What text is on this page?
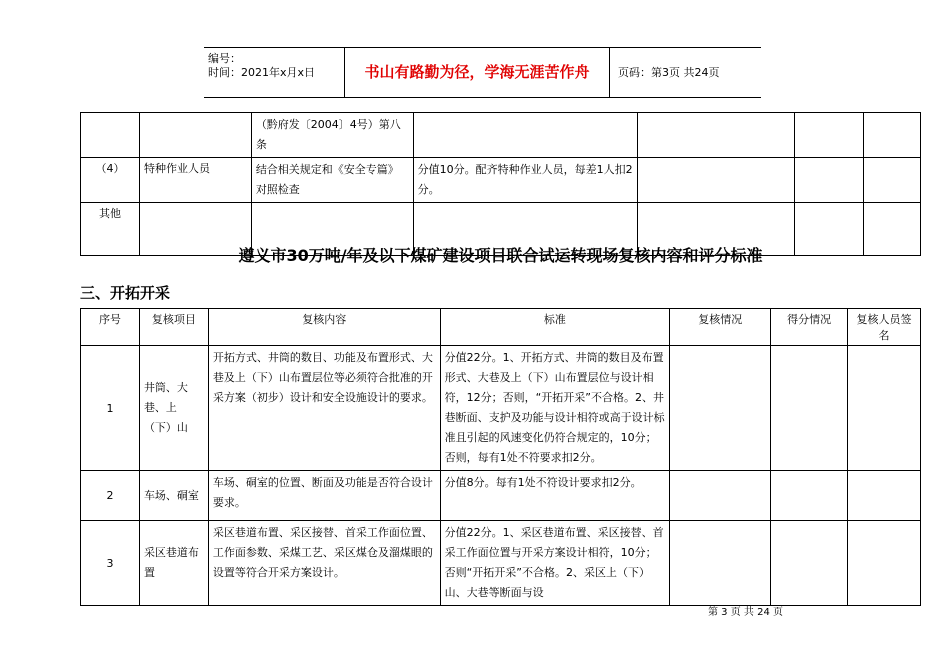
编号：
时间：2021年x月x日	书山有路勤为径，学海无涯苦作舟	页码：第3页 共24页
		（黔府发〔2004〕4号）第八条				
（4）	特种作业人员	结合相关规定和《安全专篇》对照检查	分值10分。配齐特种作业人员，每差1人扣2分。			
其他						
遵义市30万吨/年及以下煤矿建设项目联合试运转现场复核内容和评分标准
三、开拓开采
序号	复核项目	复核内容	标准	复核情况	得分情况	复核人员签名
1	井筒、大巷、上（下）山	开拓方式、井筒的数目、功能及布置形式、大巷及上（下）山布置层位等必须符合批准的开采方案（初步）设计和安全设施设计的要求。	分值22分。1、开拓方式、井筒的数目及布置形式、大巷及上（下）山布置层位与设计相符，12分；否则，“开拓开采”不合格。2、井巷断面、支护及功能与设计相符或高于设计标准且引起的风速变化仍符合规定的，10分；否则，每有1处不符要求扣2分。			
2	车场、硐室	车场、硐室的位置、断面及功能是否符合设计要求。	分值8分。每有1处不符设计要求扣2分。			
3	采区巷道布置	采区巷道布置、采区接替、首采工作面位置、工作面参数、采煤工艺、采区煤仓及溜煤眼的设置等符合开采方案设计。	分值22分。1、采区巷道布置、采区接替、首采工作面位置与开采方案设计相符，10分；否则“开拓开采”不合格。2、采区上（下）山、大巷等断面与设			
第 3 页 共 24 页
